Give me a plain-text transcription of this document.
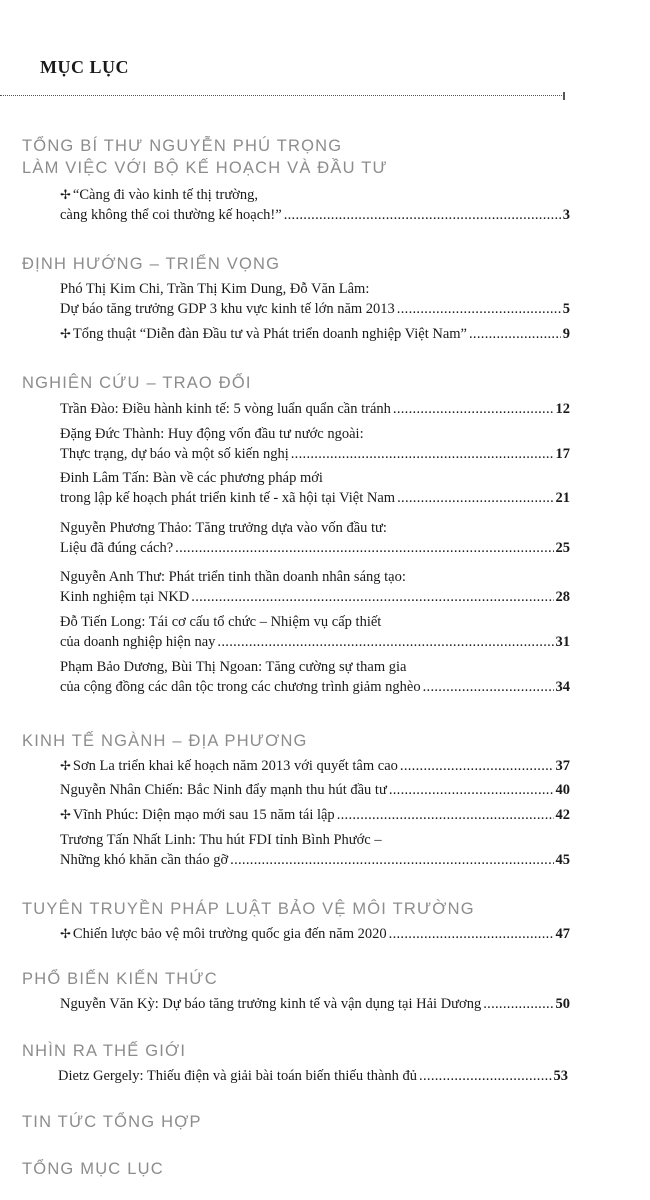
MỤC LỤC
TỔNG BÍ THƯ NGUYỄN PHÚ TRỌNG
LÀM VIỆC VỚI BỘ KẾ HOẠCH VÀ ĐẦU TƯ
✢ “Càng đi vào kinh tế thị trường,
càng không thể coi thường kế hoạch!” .....	3
ĐỊNH HƯỚNG – TRIỂN VỌNG
Phó Thị Kim Chi, Trần Thị Kim Dung, Đỗ Văn Lâm:
Dự báo tăng trưởng GDP 3 khu vực kinh tế lớn năm 2013 .....	5
✢ Tổng thuật “Diễn đàn Đầu tư và Phát triển doanh nghiệp Việt Nam” .....	9
NGHIÊN CỨU – TRAO ĐỔI
Trần Đào: Điều hành kinh tế: 5 vòng luẩn quẩn cần tránh .....	12
Đặng Đức Thành: Huy động vốn đầu tư nước ngoài:
Thực trạng, dự báo và một số kiến nghị .....	17
Đinh Lâm Tấn: Bàn về các phương pháp mới
trong lập kế hoạch phát triển kinh tế - xã hội tại Việt Nam .....	21
Nguyễn Phương Thảo: Tăng trưởng dựa vào vốn đầu tư:
Liệu đã đúng cách? .....	25
Nguyễn Anh Thư: Phát triển tinh thần doanh nhân sáng tạo:
Kinh nghiệm tại NKD .....	28
Đỗ Tiến Long: Tái cơ cấu tổ chức – Nhiệm vụ cấp thiết
của doanh nghiệp hiện nay .....	31
Phạm Bảo Dương, Bùi Thị Ngoan: Tăng cường sự tham gia
của cộng đồng các dân tộc trong các chương trình giảm nghèo .....	34
KINH TẾ NGÀNH – ĐỊA PHƯƠNG
✢ Sơn La triển khai kế hoạch năm 2013 với quyết tâm cao .....	37
Nguyễn Nhân Chiến: Bắc Ninh đẩy mạnh thu hút đầu tư .....	40
✢ Vĩnh Phúc: Diện mạo mới sau 15 năm tái lập .....	42
Trương Tấn Nhất Linh: Thu hút FDI tỉnh Bình Phước –
Những khó khăn cần tháo gỡ .....	45
TUYÊN TRUYỀN PHÁP LUẬT BẢO VỆ MÔI TRƯỜNG
✢ Chiến lược bảo vệ môi trường quốc gia đến năm 2020 .....	47
PHỔ BIẾN KIẾN THỨC
Nguyễn Văn Kỳ: Dự báo tăng trưởng kinh tế và vận dụng tại Hải Dương .....	50
NHÌN RA THẾ GIỚI
Dietz Gergely: Thiếu điện và giải bài toán biến thiếu thành đủ .....	53
TIN TỨC TỔNG HỢP
TỔNG MỤC LỤC
